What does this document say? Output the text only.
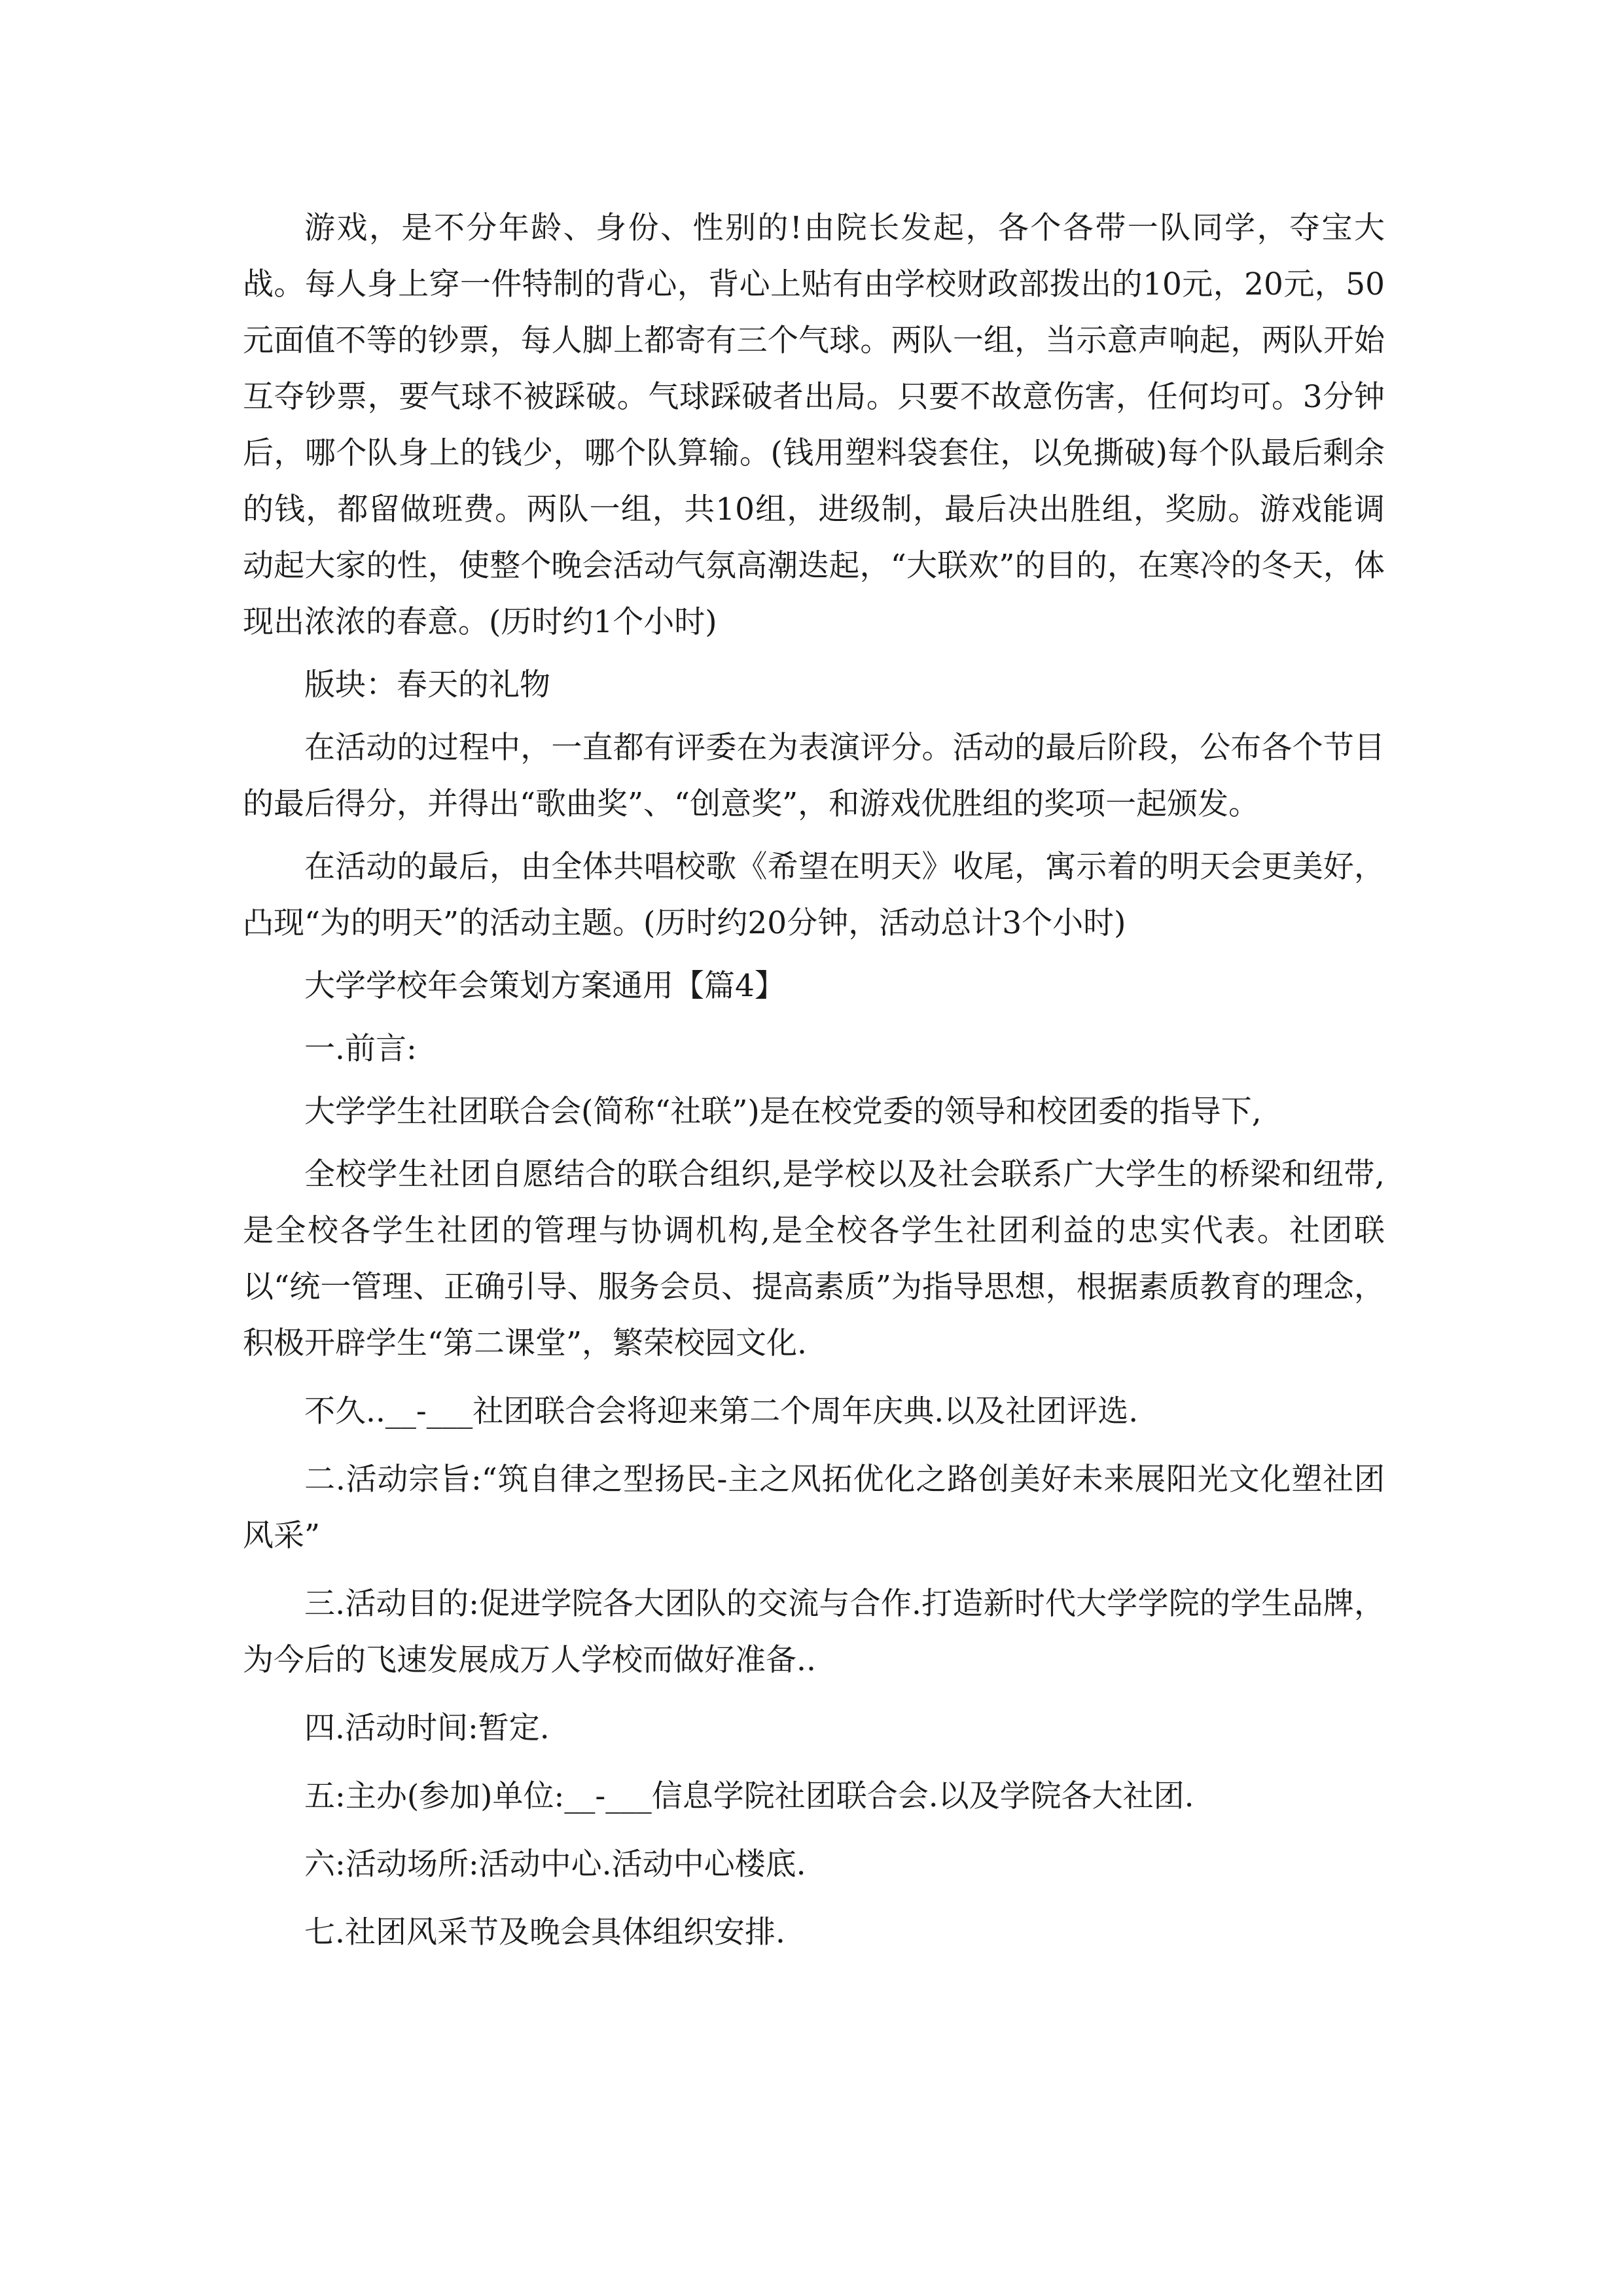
游戏，是不分年龄、身份、性别的!由院长发起，各个各带一队同学，夺宝大战。每人身上穿一件特制的背心，背心上贴有由学校财政部拨出的10元，20元，50元面值不等的钞票，每人脚上都寄有三个气球。两队一组，当示意声响起，两队开始互夺钞票，要气球不被踩破。气球踩破者出局。只要不故意伤害，任何均可。3分钟后，哪个队身上的钱少，哪个队算输。(钱用塑料袋套住，以免撕破)每个队最后剩余的钱，都留做班费。两队一组，共10组，进级制，最后决出胜组，奖励。游戏能调动起大家的性，使整个晚会活动气氛高潮迭起，“大联欢”的目的，在寒冷的冬天，体现出浓浓的春意。(历时约1个小时)

版块：春天的礼物

在活动的过程中，一直都有评委在为表演评分。活动的最后阶段，公布各个节目的最后得分，并得出“歌曲奖”、“创意奖”，和游戏优胜组的奖项一起颁发。

在活动的最后，由全体共唱校歌《希望在明天》收尾，寓示着的明天会更美好，凸现“为的明天”的活动主题。(历时约20分钟，活动总计3个小时)

大学学校年会策划方案通用【篇4】

一.前言:

大学学生社团联合会(简称“社联”)是在校党委的领导和校团委的指导下,

全校学生社团自愿结合的联合组织,是学校以及社会联系广大学生的桥梁和纽带,是全校各学生社团的管理与协调机构,是全校各学生社团利益的忠实代表。社团联以“统一管理、正确引导、服务会员、提高素质”为指导思想，根据素质教育的理念，积极开辟学生“第二课堂”，繁荣校园文化.

不久..__-___社团联合会将迎来第二个周年庆典.以及社团评选.

二.活动宗旨:“筑自律之型扬民-主之风拓优化之路创美好未来展阳光文化塑社团风采”

三.活动目的:促进学院各大团队的交流与合作.打造新时代大学学院的学生品牌，为今后的飞速发展成万人学校而做好准备..

四.活动时间:暂定.

五:主办(参加)单位:__-___信息学院社团联合会.以及学院各大社团.

六:活动场所:活动中心.活动中心楼底.

七.社团风采节及晚会具体组织安排.
